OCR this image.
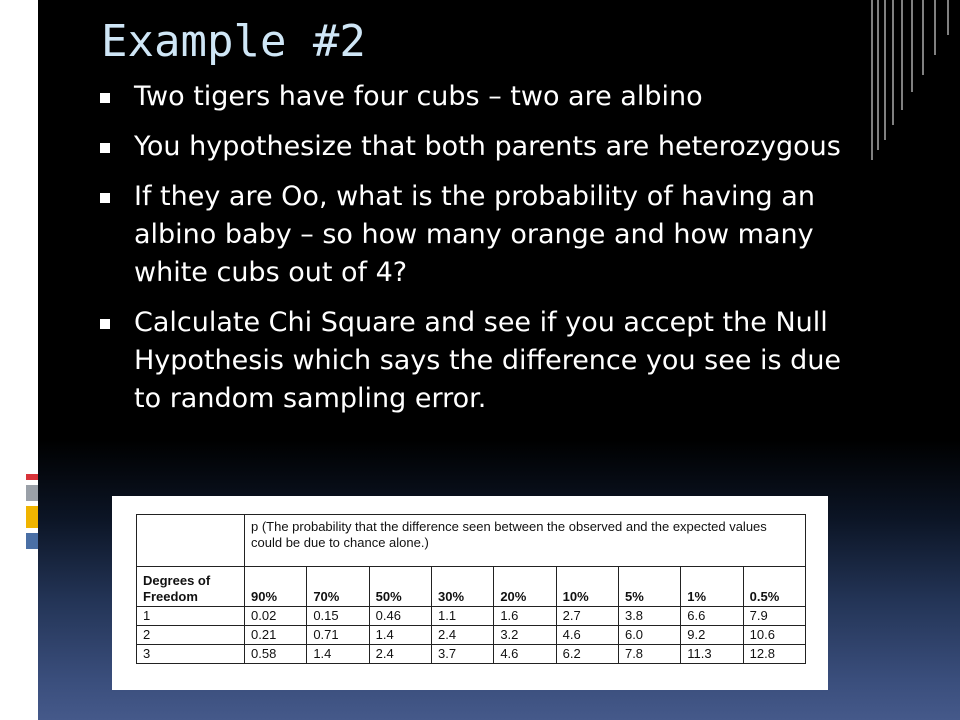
Example #2
Two tigers have four cubs – two are albino
You hypothesize that both parents are heterozygous
If they are Oo, what is the probability of having an albino baby – so how many orange and how many white cubs out of 4?
Calculate Chi Square and see if you accept the Null Hypothesis which says the difference you see is due to random sampling error.
	p (The probability that the difference seen between the observed and the expected values could be due to chance alone.)								
Degrees of Freedom	90%	70%	50%	30%	20%	10%	5%	1%	0.5%
1	0.02	0.15	0.46	1.1	1.6	2.7	3.8	6.6	7.9
2	0.21	0.71	1.4	2.4	3.2	4.6	6.0	9.2	10.6
3	0.58	1.4	2.4	3.7	4.6	6.2	7.8	11.3	12.8
